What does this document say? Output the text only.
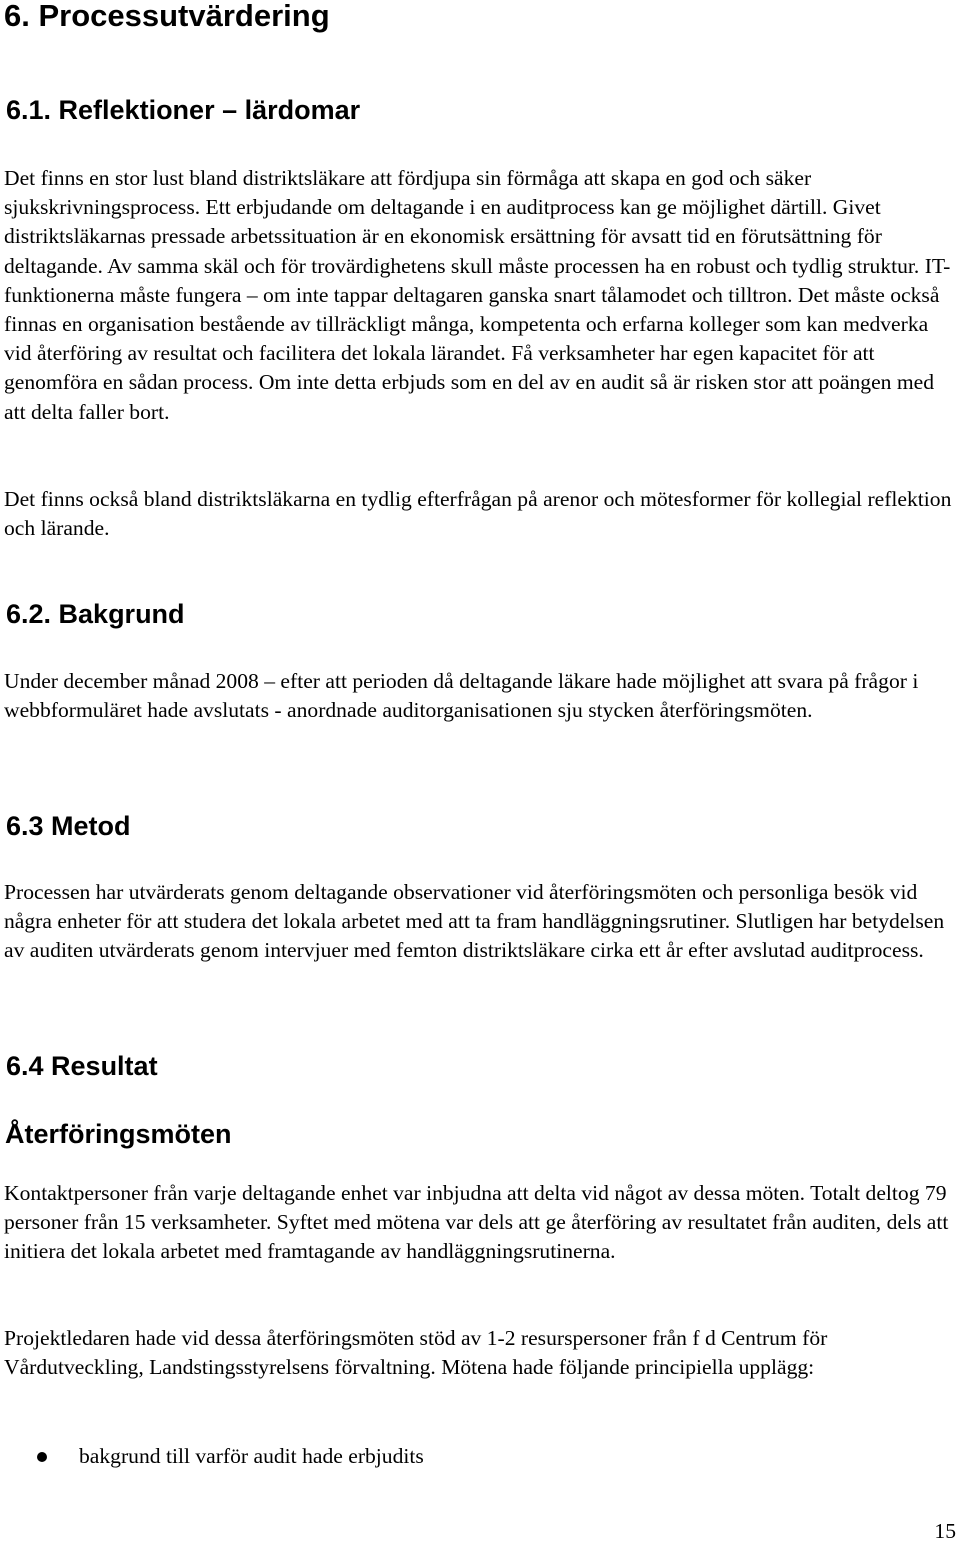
6. Processutvärdering
6.1. Reflektioner – lärdomar

Det finns en stor lust bland distriktsläkare att fördjupa sin förmåga att skapa en god och säker sjukskrivningsprocess. Ett erbjudande om deltagande i en auditprocess kan ge möjlighet därtill. Givet distriktsläkarnas pressade arbetssituation är en ekonomisk ersättning för avsatt tid en förutsättning för deltagande. Av samma skäl och för trovärdighetens skull måste processen ha en robust och tydlig struktur. IT-funktionerna måste fungera – om inte tappar deltagaren ganska snart tålamodet och tilltron. Det måste också finnas en organisation bestående av tillräckligt många, kompetenta och erfarna kolleger som kan medverka vid återföring av resultat och facilitera det lokala lärandet. Få verksamheter har egen kapacitet för att genomföra en sådan process. Om inte detta erbjuds som en del av en audit så är risken stor att poängen med att delta faller bort.

Det finns också bland distriktsläkarna en tydlig efterfrågan på arenor och mötesformer för kollegial reflektion och lärande.

6.2. Bakgrund

Under december månad 2008 – efter att perioden då deltagande läkare hade möjlighet att svara på frågor i webbformuläret hade avslutats - anordnade auditorganisationen sju stycken återföringsmöten.

6.3 Metod

Processen har utvärderats genom deltagande observationer vid återföringsmöten och personliga besök vid några enheter för att studera det lokala arbetet med att ta fram handläggningsrutiner. Slutligen har betydelsen av auditen utvärderats genom intervjuer med femton distriktsläkare cirka ett år efter avslutad auditprocess.

6.4 Resultat
Återföringsmöten

Kontaktpersoner från varje deltagande enhet var inbjudna att delta vid något av dessa möten. Totalt deltog 79 personer från 15 verksamheter. Syftet med mötena var dels att ge återföring av resultatet från auditen, dels att initiera det lokala arbetet med framtagande av handläggningsrutinerna.

Projektledaren hade vid dessa återföringsmöten stöd av 1-2 resurspersoner från f d Centrum för Vårdutveckling, Landstingsstyrelsens förvaltning. Mötena hade följande principiella upplägg:

bakgrund till varför audit hade erbjudits

15
